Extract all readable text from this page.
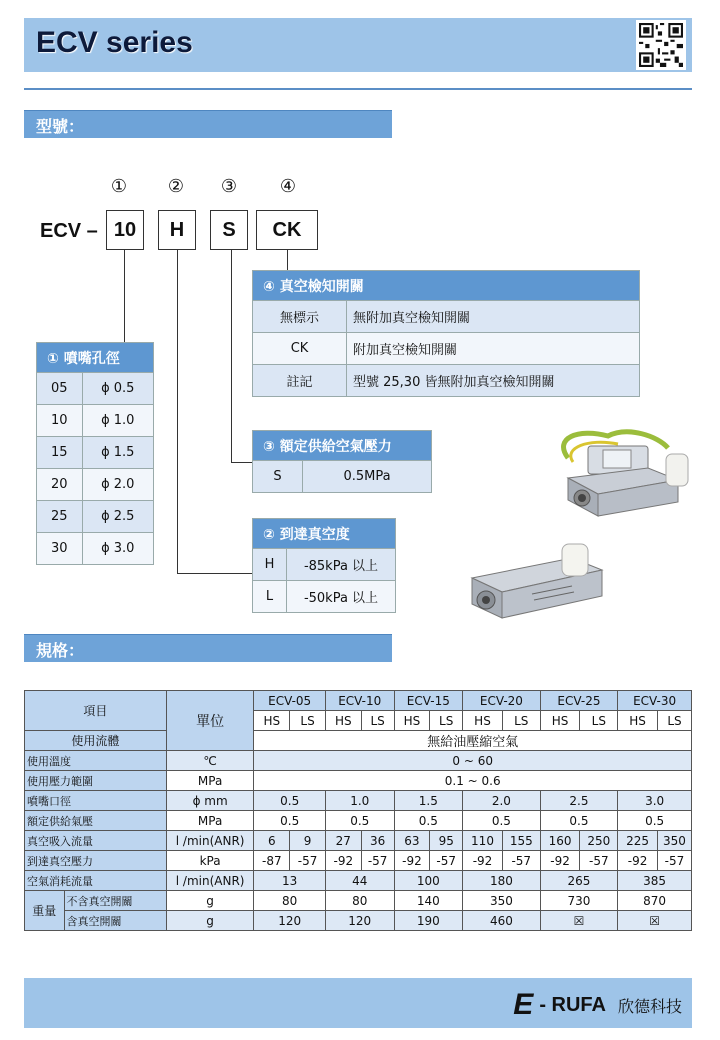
ECV series
型號：
①	②	③	④
ECV – 10	H	S	CK
① 噴嘴孔徑	
05	ϕ 0.5
10	ϕ 1.0
15	ϕ 1.5
20	ϕ 2.0
25	ϕ 2.5
30	ϕ 3.0
④ 真空檢知開關	
無標示	無附加真空檢知開關
CK	附加真空檢知開關
註記	型號 25,30 皆無附加真空檢知開關
③ 額定供給空氣壓力
S	0.5MPa
② 到達真空度	
H	-85kPa 以上
L	-50kPa 以上
規格：
項目		單位	ECV-05		ECV-10		ECV-15		ECV-20		ECV-25		ECV-30	
			HS	LS	HS	LS	HS	LS	HS	LS	HS	LS	HS	LS
使用流體			無給油壓縮空氣											
使用溫度		℃	0 ~ 60											
使用壓力範圍		MPa	0.1 ~ 0.6											
噴嘴口徑		ϕ mm	0.5		1.0		1.5		2.0		2.5		3.0	
額定供給氣壓		MPa	0.5		0.5		0.5		0.5		0.5		0.5	
真空吸入流量		l /min(ANR)	6	9	27	36	63	95	110	155	160	250	225	350
到達真空壓力		kPa	-87	-57	-92	-57	-92	-57	-92	-57	-92	-57	-92	-57
空氣消耗流量		l /min(ANR)	13		44		100		180		265		385	
重量	不含真空開關	g	80		80		140		350		730		870	
	含真空開關	g	120		120		190		460		☒		☒	
E - RUFA 欣德科技
